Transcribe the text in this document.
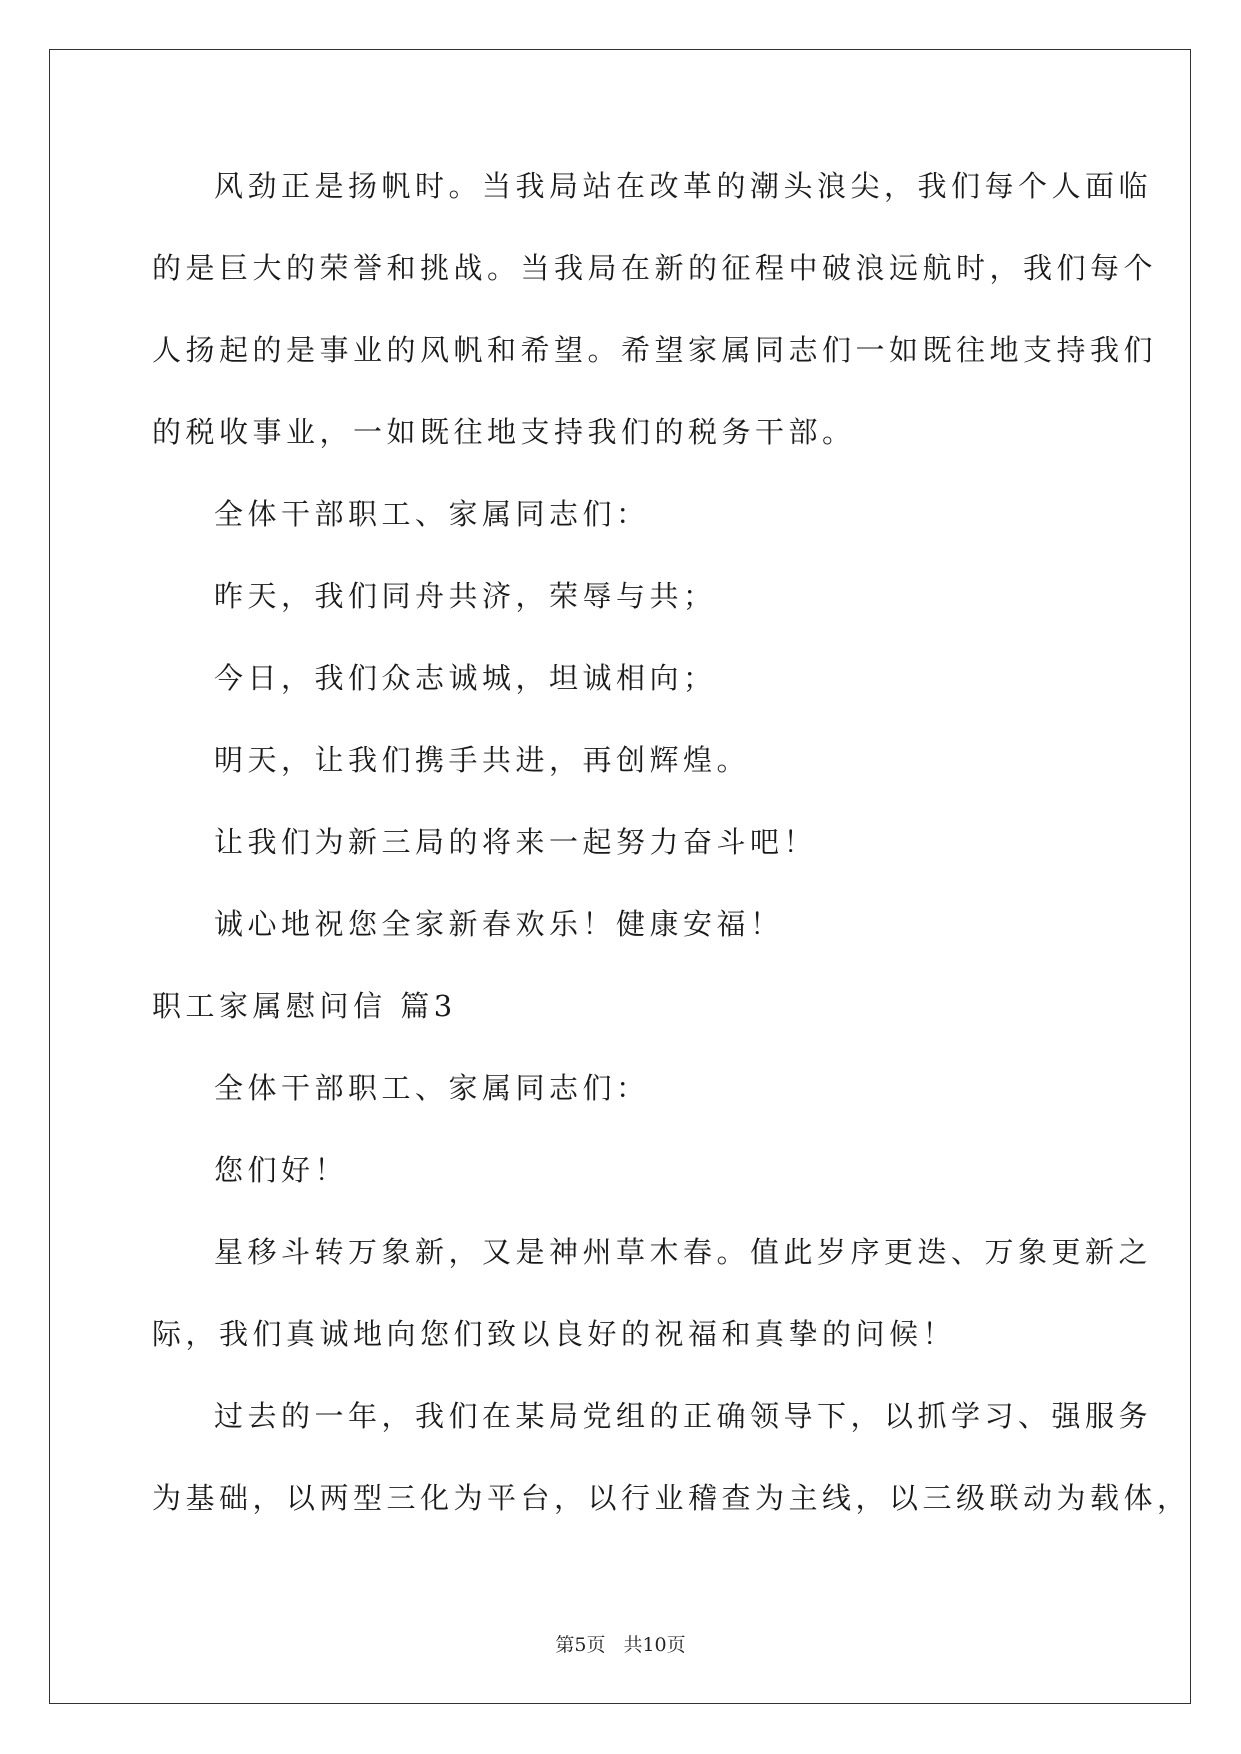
风劲正是扬帆时。当我局站在改革的潮头浪尖，我们每个人面临
的是巨大的荣誉和挑战。当我局在新的征程中破浪远航时，我们每个
人扬起的是事业的风帆和希望。希望家属同志们一如既往地支持我们
的税收事业，一如既往地支持我们的税务干部。
全体干部职工、家属同志们：
昨天，我们同舟共济，荣辱与共；
今日，我们众志诚城，坦诚相向；
明天，让我们携手共进，再创辉煌。
让我们为新三局的将来一起努力奋斗吧！
诚心地祝您全家新春欢乐！健康安福！
职工家属慰问信 篇3
全体干部职工、家属同志们：
您们好！
星移斗转万象新，又是神州草木春。值此岁序更迭、万象更新之
际，我们真诚地向您们致以良好的祝福和真挚的问候！
过去的一年，我们在某局党组的正确领导下，以抓学习、强服务
为基础，以两型三化为平台，以行业稽查为主线，以三级联动为载体，
第5页 共10页
